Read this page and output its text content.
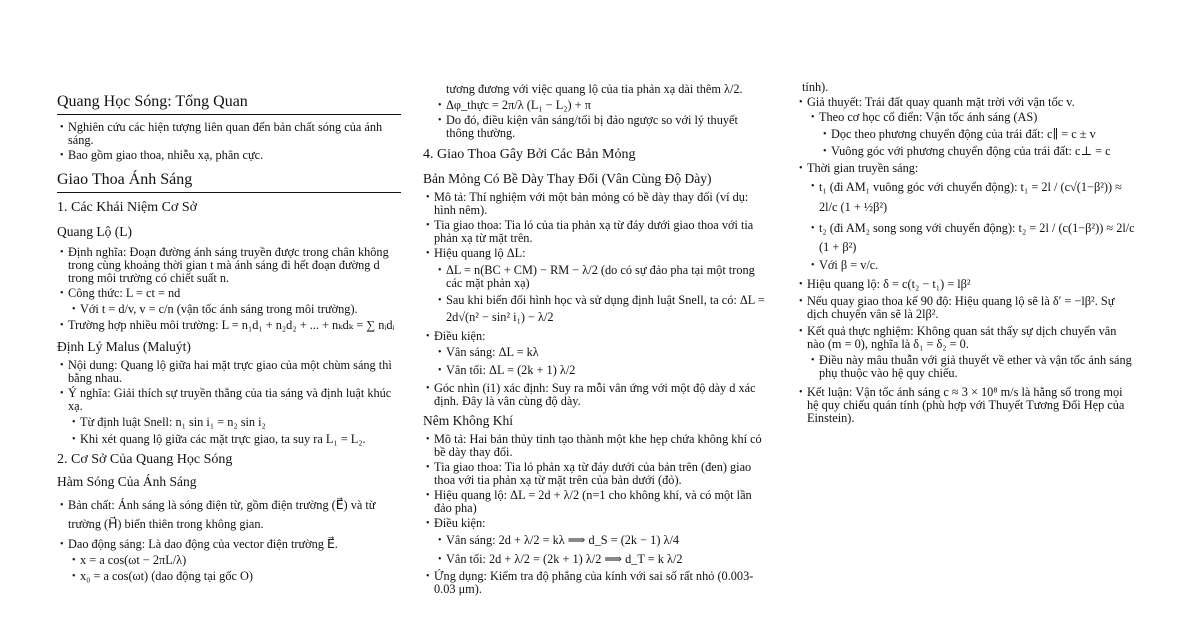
Quang Học Sóng: Tổng Quan
• Nghiên cứu các hiện tượng liên quan đến bản chất sóng của ánh sáng.
• Bao gồm giao thoa, nhiễu xạ, phân cực.
Giao Thoa Ánh Sáng
1. Các Khái Niệm Cơ Sở
Quang Lộ (L)
• Định nghĩa: Đoạn đường ánh sáng truyền được trong chân không trong cùng khoảng thời gian t mà ánh sáng đi hết đoạn đường d trong môi trường có chiết suất n.
• Công thức: L = ct = nd
• Với t = d/v, v = c/n (vận tốc ánh sáng trong môi trường).
• Trường hợp nhiều môi trường: L = n₁d₁ + n₂d₂ + ... + nₖdₖ = ∑ nᵢdᵢ
Định Lý Malus (Maluýt)
• Nội dung: Quang lộ giữa hai mặt trực giao của một chùm sáng thì bằng nhau.
• Ý nghĩa: Giải thích sự truyền thẳng của tia sáng và định luật khúc xạ.
• Từ định luật Snell: n₁ sin i₁ = n₂ sin i₂
• Khi xét quang lộ giữa các mặt trực giao, ta suy ra L₁ = L₂.
2. Cơ Sở Của Quang Học Sóng
Hàm Sóng Của Ánh Sáng
• Bản chất: Ánh sáng là sóng điện từ, gồm điện trường (E⃗) và từ trường (H⃗) biến thiên trong không gian.
• Dao động sáng: Là dao động của vector điện trường E⃗.
• x = a cos(ωt − 2πL/λ)
• x₀ = a cos(ωt) (dao động tại gốc O)
tương đương với việc quang lộ của tia phản xạ dài thêm λ/2.
• Δφ_thực = 2π/λ (L₁ − L₂) + π
• Do đó, điều kiện vân sáng/tối bị đảo ngược so với lý thuyết thông thường.
4. Giao Thoa Gây Bởi Các Bản Mỏng
Bản Mỏng Có Bề Dày Thay Đổi (Vân Cùng Độ Dày)
• Mô tả: Thí nghiệm với một bản mỏng có bề dày thay đổi (ví dụ: hình nêm).
• Tia giao thoa: Tia ló của tia phản xạ từ đáy dưới giao thoa với tia phản xạ từ mặt trên.
• Hiệu quang lộ ΔL:
• ΔL = n(BC + CM) − RM − λ/2 (do có sự đảo pha tại một trong các mặt phản xạ)
• Sau khi biến đổi hình học và sử dụng định luật Snell, ta có: ΔL = 2d√(n² − sin² i₁) − λ/2
• Điều kiện:
• Vân sáng: ΔL = kλ
• Vân tối: ΔL = (2k + 1) λ/2
• Góc nhìn (i1) xác định: Suy ra mỗi vân ứng với một độ dày d xác định. Đây là vân cùng độ dày.
Nêm Không Khí
• Mô tả: Hai bản thủy tinh tạo thành một khe hẹp chứa không khí có bề dày thay đổi.
• Tia giao thoa: Tia ló phản xạ từ đáy dưới của bản trên (đen) giao thoa với tia phản xạ từ mặt trên của bản dưới (đỏ).
• Hiệu quang lộ: ΔL = 2d + λ/2 (n=1 cho không khí, và có một lần đảo pha)
• Điều kiện:
• Vân sáng: 2d + λ/2 = kλ ⟹ d_S = (2k − 1) λ/4
• Vân tối: 2d + λ/2 = (2k + 1) λ/2 ⟹ d_T = k λ/2
• Ứng dụng: Kiểm tra độ phẳng của kính với sai số rất nhỏ (0.003-0.03 μm).
tính).
• Giả thuyết: Trái đất quay quanh mặt trời với vận tốc v.
• Theo cơ học cổ điển: Vận tốc ánh sáng (AS)
• Dọc theo phương chuyển động của trái đất: c∥ = c ± v
• Vuông góc với phương chuyển động của trái đất: c⊥ = c
• Thời gian truyền sáng:
• t₁ (đi AM₁ vuông góc với chuyển động): t₁ = 2l / (c√(1−β²)) ≈ 2l/c (1 + ½β²)
• t₂ (đi AM₂ song song với chuyển động): t₂ = 2l / (c(1−β²)) ≈ 2l/c (1 + β²)
• Với β = v/c.
• Hiệu quang lộ: δ = c(t₂ − t₁) = lβ²
• Nếu quay giao thoa kế 90 độ: Hiệu quang lộ sẽ là δ′ = −lβ². Sự dịch chuyển vân sẽ là 2lβ².
• Kết quả thực nghiệm: Không quan sát thấy sự dịch chuyển vân nào (m = 0), nghĩa là δ₁ = δ₂ = 0.
• Điều này mâu thuẫn với giả thuyết về ether và vận tốc ánh sáng phụ thuộc vào hệ quy chiếu.
• Kết luận: Vận tốc ánh sáng c ≈ 3 × 10⁸ m/s là hằng số trong mọi hệ quy chiếu quán tính (phù hợp với Thuyết Tương Đối Hẹp của Einstein).
